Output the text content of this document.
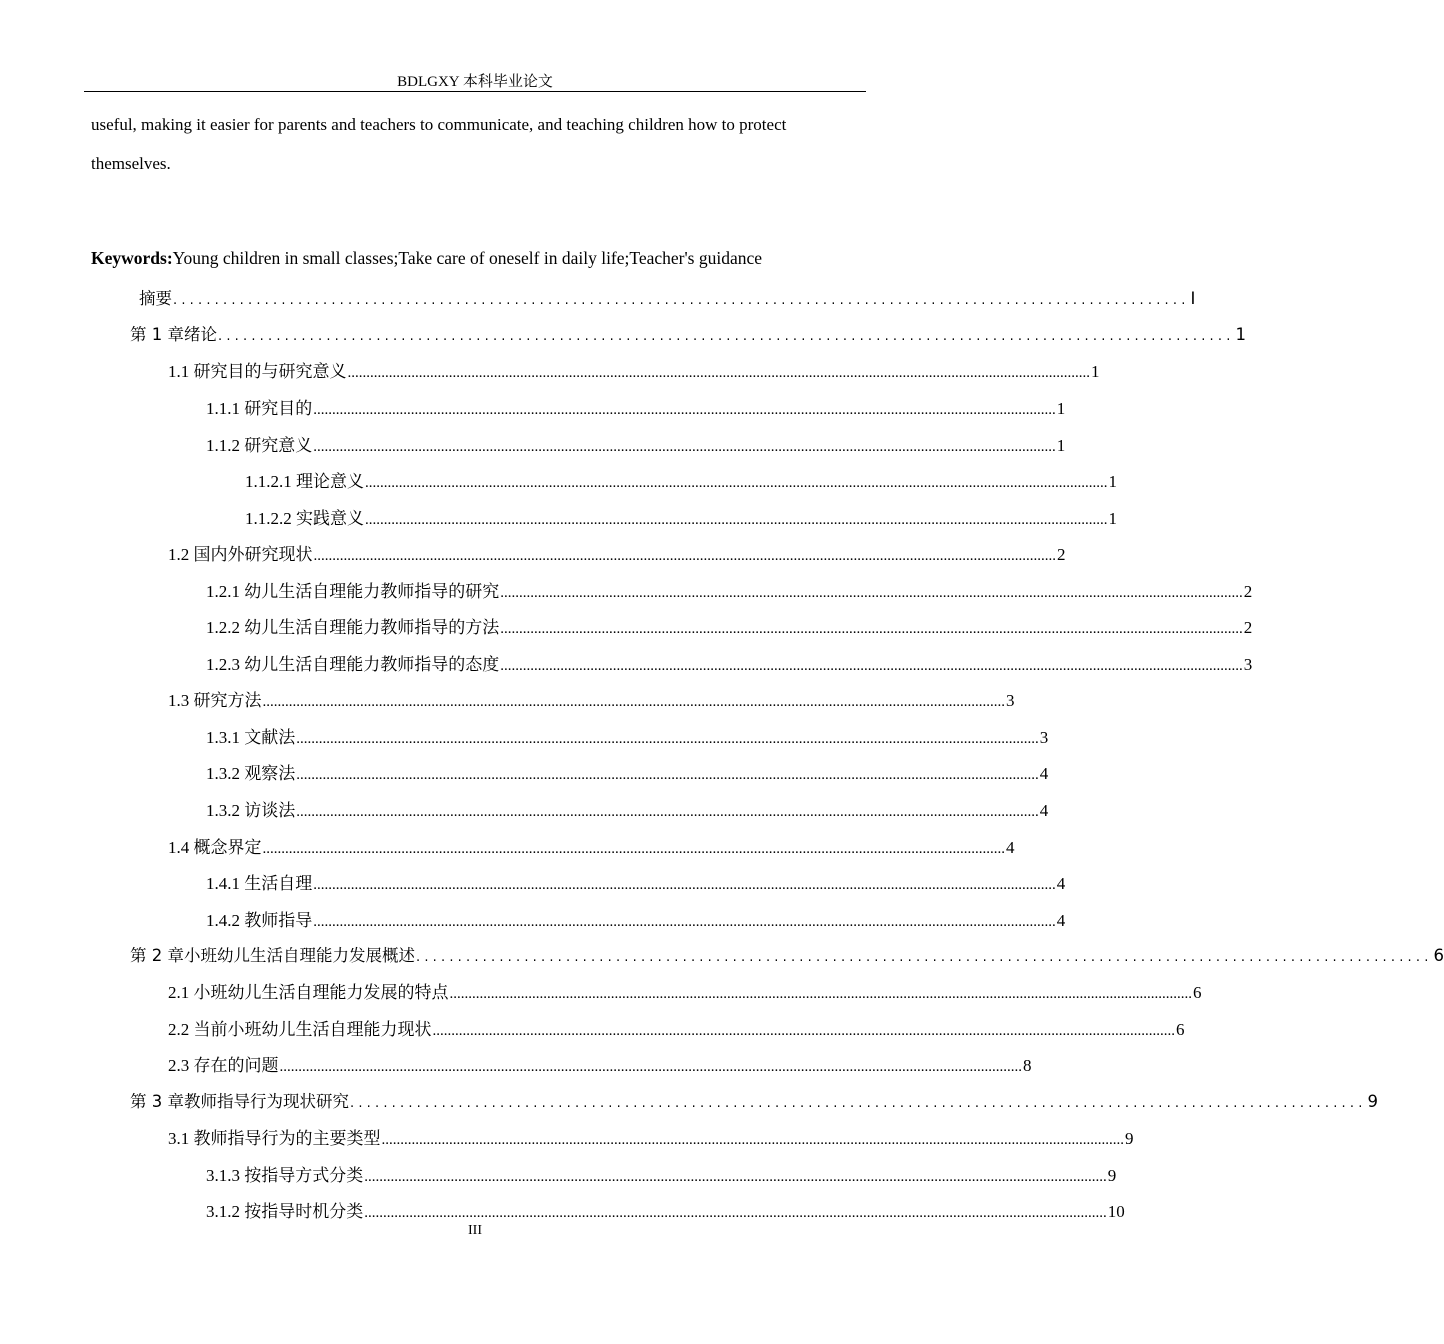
BDLGXY 本科毕业论文
useful, making it easier for parents and teachers to communicate, and teaching children how to protect
themselves.
Keywords:Young children in small classes;Take care of oneself in daily life;Teacher's guidance
摘要 .......................................................................................................................... I
第 1 章绪论 .......................................................................................................................... 1
1.1 研究目的与研究意义 ...................................................................................................................................................................................................... 1
1.1.1 研究目的 ...................................................................................................................................................................................................... 1
1.1.2 研究意义 ...................................................................................................................................................................................................... 1
1.1.2.1 理论意义 ...................................................................................................................................................................................................... 1
1.1.2.2 实践意义 ...................................................................................................................................................................................................... 1
1.2 国内外研究现状 ...................................................................................................................................................................................................... 2
1.2.1 幼儿生活自理能力教师指导的研究 ...................................................................................................................................................................................................... 2
1.2.2 幼儿生活自理能力教师指导的方法 ...................................................................................................................................................................................................... 2
1.2.3 幼儿生活自理能力教师指导的态度 ...................................................................................................................................................................................................... 3
1.3 研究方法 ...................................................................................................................................................................................................... 3
1.3.1 文献法 ...................................................................................................................................................................................................... 3
1.3.2 观察法 ...................................................................................................................................................................................................... 4
1.3.2 访谈法 ...................................................................................................................................................................................................... 4
1.4 概念界定 ...................................................................................................................................................................................................... 4
1.4.1 生活自理 ...................................................................................................................................................................................................... 4
1.4.2 教师指导 ...................................................................................................................................................................................................... 4
第 2 章小班幼儿生活自理能力发展概述 .......................................................................................................................... 6
2.1 小班幼儿生活自理能力发展的特点 ...................................................................................................................................................................................................... 6
2.2 当前小班幼儿生活自理能力现状 ...................................................................................................................................................................................................... 6
2.3 存在的问题 ...................................................................................................................................................................................................... 8
第 3 章教师指导行为现状研究 .......................................................................................................................... 9
3.1 教师指导行为的主要类型 ...................................................................................................................................................................................................... 9
3.1.3 按指导方式分类 ...................................................................................................................................................................................................... 9
3.1.2 按指导时机分类 ...................................................................................................................................................................................................... 10
III
